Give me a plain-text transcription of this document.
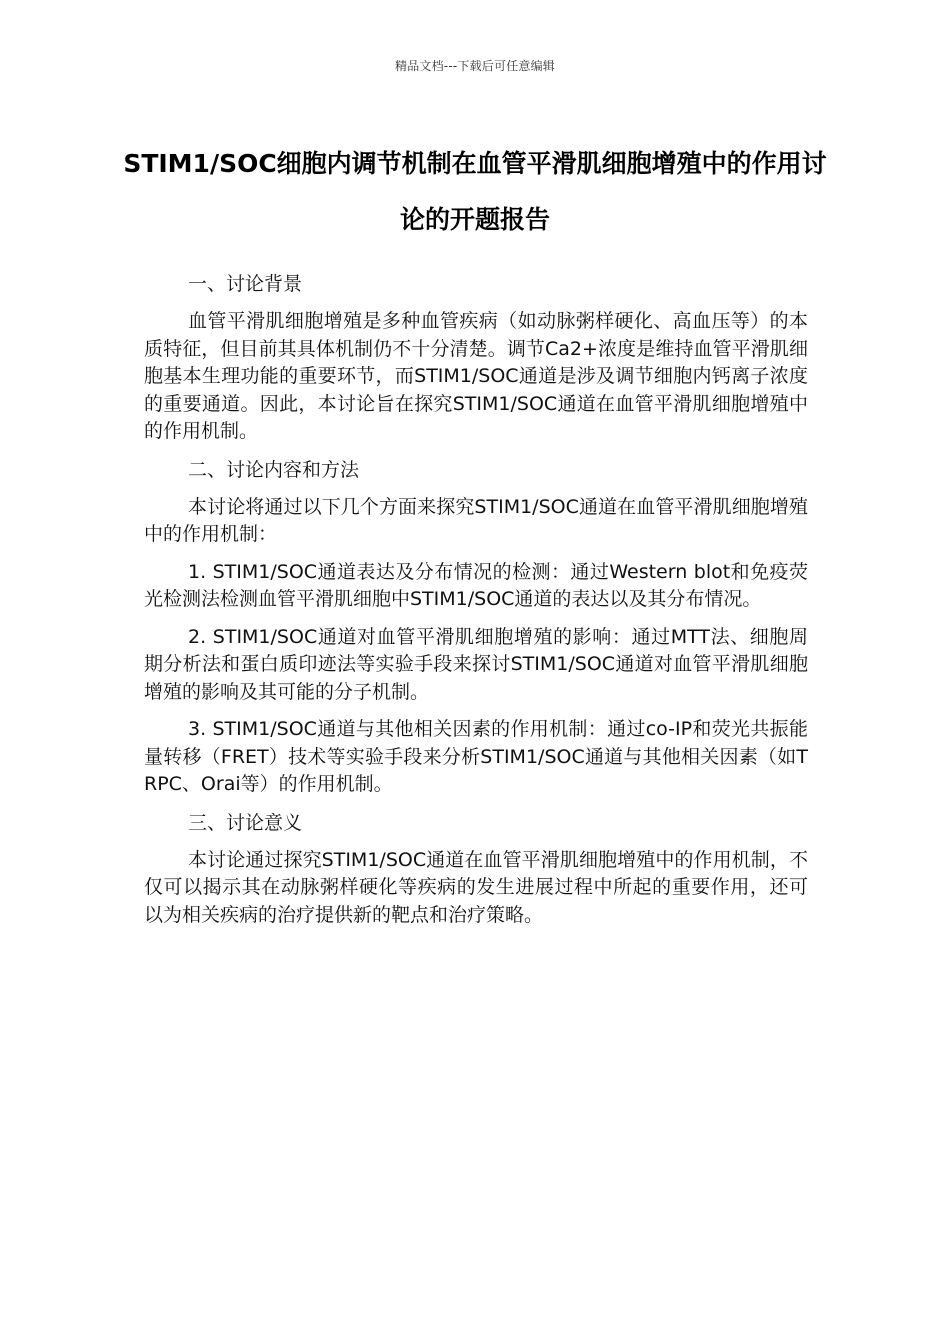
精品文档---下载后可任意编辑
STIM1/SOC细胞内调节机制在血管平滑肌细胞增殖中的作用讨论的开题报告

一、讨论背景

血管平滑肌细胞增殖是多种血管疾病（如动脉粥样硬化、高血压等）的本质特征，但目前其具体机制仍不十分清楚。调节Ca2+浓度是维持血管平滑肌细胞基本生理功能的重要环节，而STIM1/SOC通道是涉及调节细胞内钙离子浓度的重要通道。因此，本讨论旨在探究STIM1/SOC通道在血管平滑肌细胞增殖中的作用机制。

二、讨论内容和方法

本讨论将通过以下几个方面来探究STIM1/SOC通道在血管平滑肌细胞增殖中的作用机制：

1. STIM1/SOC通道表达及分布情况的检测：通过Western blot和免疫荧光检测法检测血管平滑肌细胞中STIM1/SOC通道的表达以及其分布情况。

2. STIM1/SOC通道对血管平滑肌细胞增殖的影响：通过MTT法、细胞周期分析法和蛋白质印迹法等实验手段来探讨STIM1/SOC通道对血管平滑肌细胞增殖的影响及其可能的分子机制。

3. STIM1/SOC通道与其他相关因素的作用机制：通过co-IP和荧光共振能量转移（FRET）技术等实验手段来分析STIM1/SOC通道与其他相关因素（如TRPC、Orai等）的作用机制。

三、讨论意义

本讨论通过探究STIM1/SOC通道在血管平滑肌细胞增殖中的作用机制，不仅可以揭示其在动脉粥样硬化等疾病的发生进展过程中所起的重要作用，还可以为相关疾病的治疗提供新的靶点和治疗策略。
